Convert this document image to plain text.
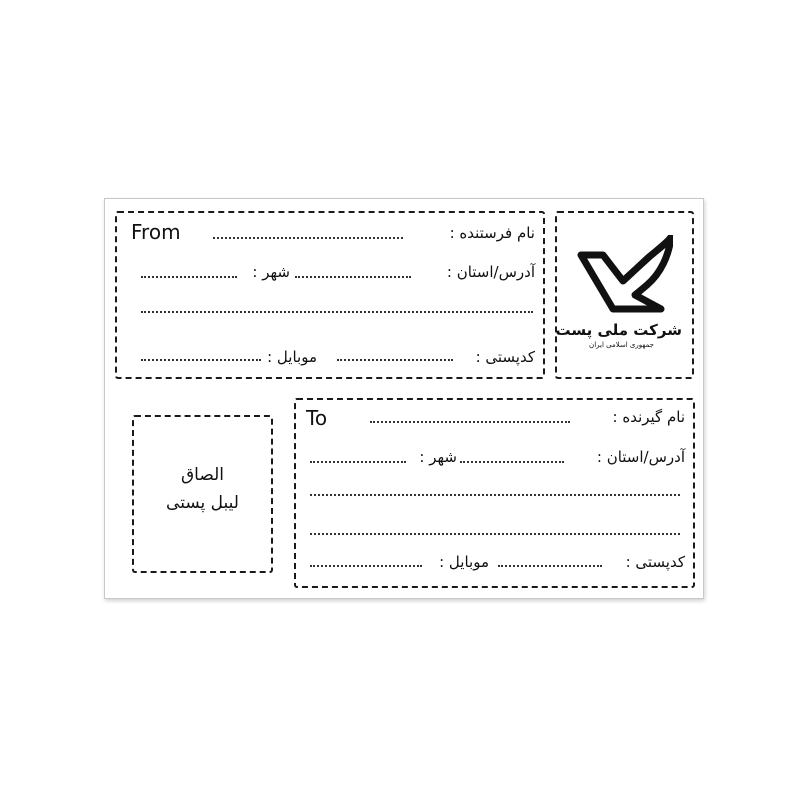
From	نام فرستنده :
آدرس/استان :
شهر :
کدپستی :
موبایل :
شرکت ملی پست
جمهوری اسلامی ایران
الصاق
لیبل پستی
To	نام گیرنده :
آدرس/استان :
شهر :
کدپستی :
موبایل :
